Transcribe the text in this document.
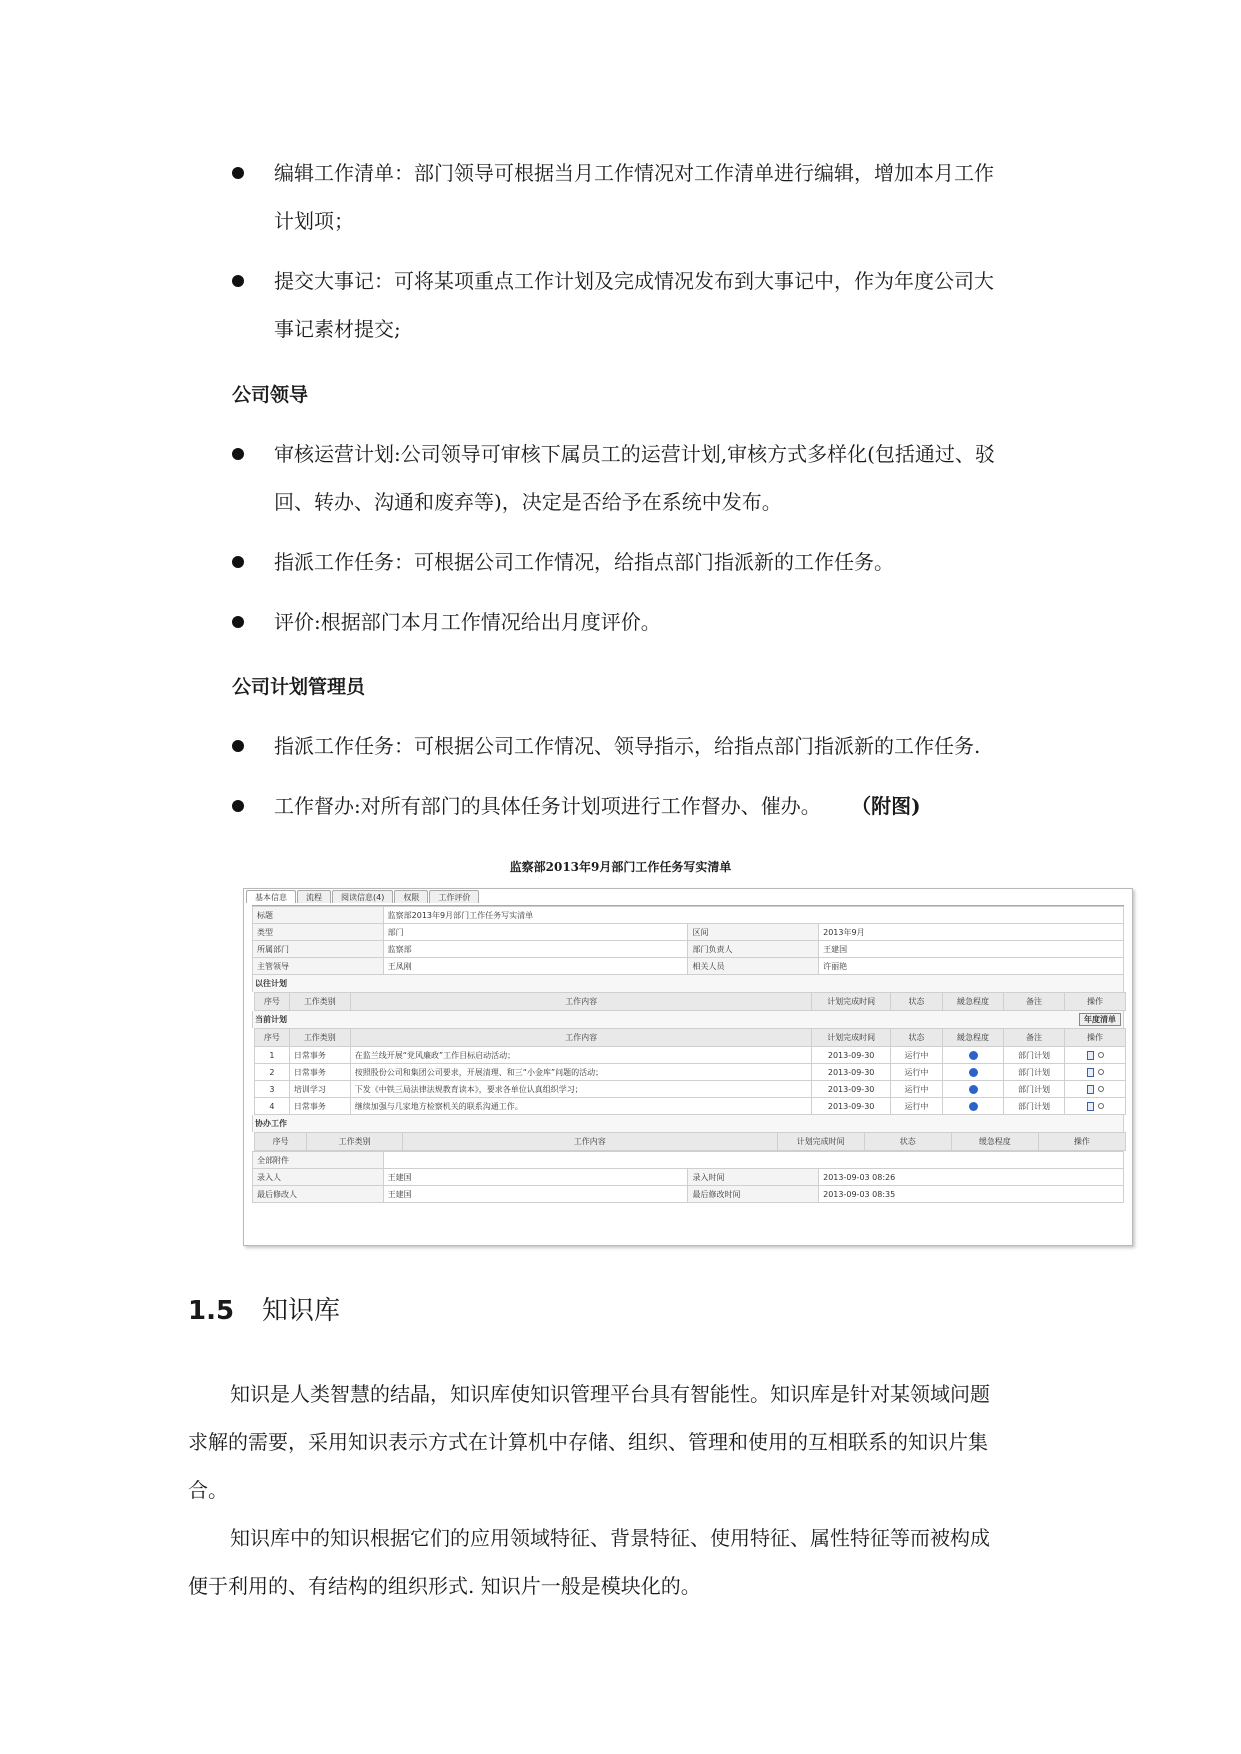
编辑工作清单：部门领导可根据当月工作情况对工作清单进行编辑，增加本月工作
计划项；
提交大事记：可将某项重点工作计划及完成情况发布到大事记中，作为年度公司大
事记素材提交;
公司领导
审核运营计划:公司领导可审核下属员工的运营计划,审核方式多样化(包括通过、驳
回、转办、沟通和废弃等)，决定是否给予在系统中发布。
指派工作任务：可根据公司工作情况，给指点部门指派新的工作任务。
评价:根据部门本月工作情况给出月度评价。
公司计划管理员
指派工作任务：可根据公司工作情况、领导指示，给指点部门指派新的工作任务.
工作督办:对所有部门的具体任务计划项进行工作督办、催办。 （附图)
监察部2013年9月部门工作任务写实清单
基本信息	流程	阅读信息(4)	权限	工作评价
标题	监察部2013年9月部门工作任务写实清单		
类型	部门	区间	2013年9月
所属部门	监察部	部门负责人	王建国
主管领导	王凤刚	相关人员	许丽艳
以往计划
序号	工作类别	工作内容	计划完成时间	状态	緩急程度	备注	操作
当前计划	年度清单
序号	工作类别	工作内容	计划完成时间	状态	緩急程度	备注	操作
1	日常事务	在监兰线开展“党风廉政”工作目标启动活动；	2013-09-30	运行中		部门计划	
2	日常事务	按照股份公司和集团公司要求，开展清理、和三“小金库”问题的活动；	2013-09-30	运行中		部门计划	
3	培训学习	下发《中铁三局法律法规教育读本》，要求各单位认真组织学习；	2013-09-30	运行中		部门计划	
4	日常事务	继续加强与几家地方检察机关的联系沟通工作。	2013-09-30	运行中		部门计划	
协办工作
序号	工作类别	工作内容	计划完成时间	状态	缓急程度	操作
全部附件			
录入人	王建国	录入时间	2013-09-03 08:26
最后修改人	王建国	最后修改时间	2013-09-03 08:35
1.5 知识库
知识是人类智慧的结晶，知识库使知识管理平台具有智能性。知识库是针对某领域问题
求解的需要，采用知识表示方式在计算机中存储、组织、管理和使用的互相联系的知识片集
合。
知识库中的知识根据它们的应用领域特征、背景特征、使用特征、属性特征等而被构成
便于利用的、有结构的组织形式. 知识片一般是模块化的。
